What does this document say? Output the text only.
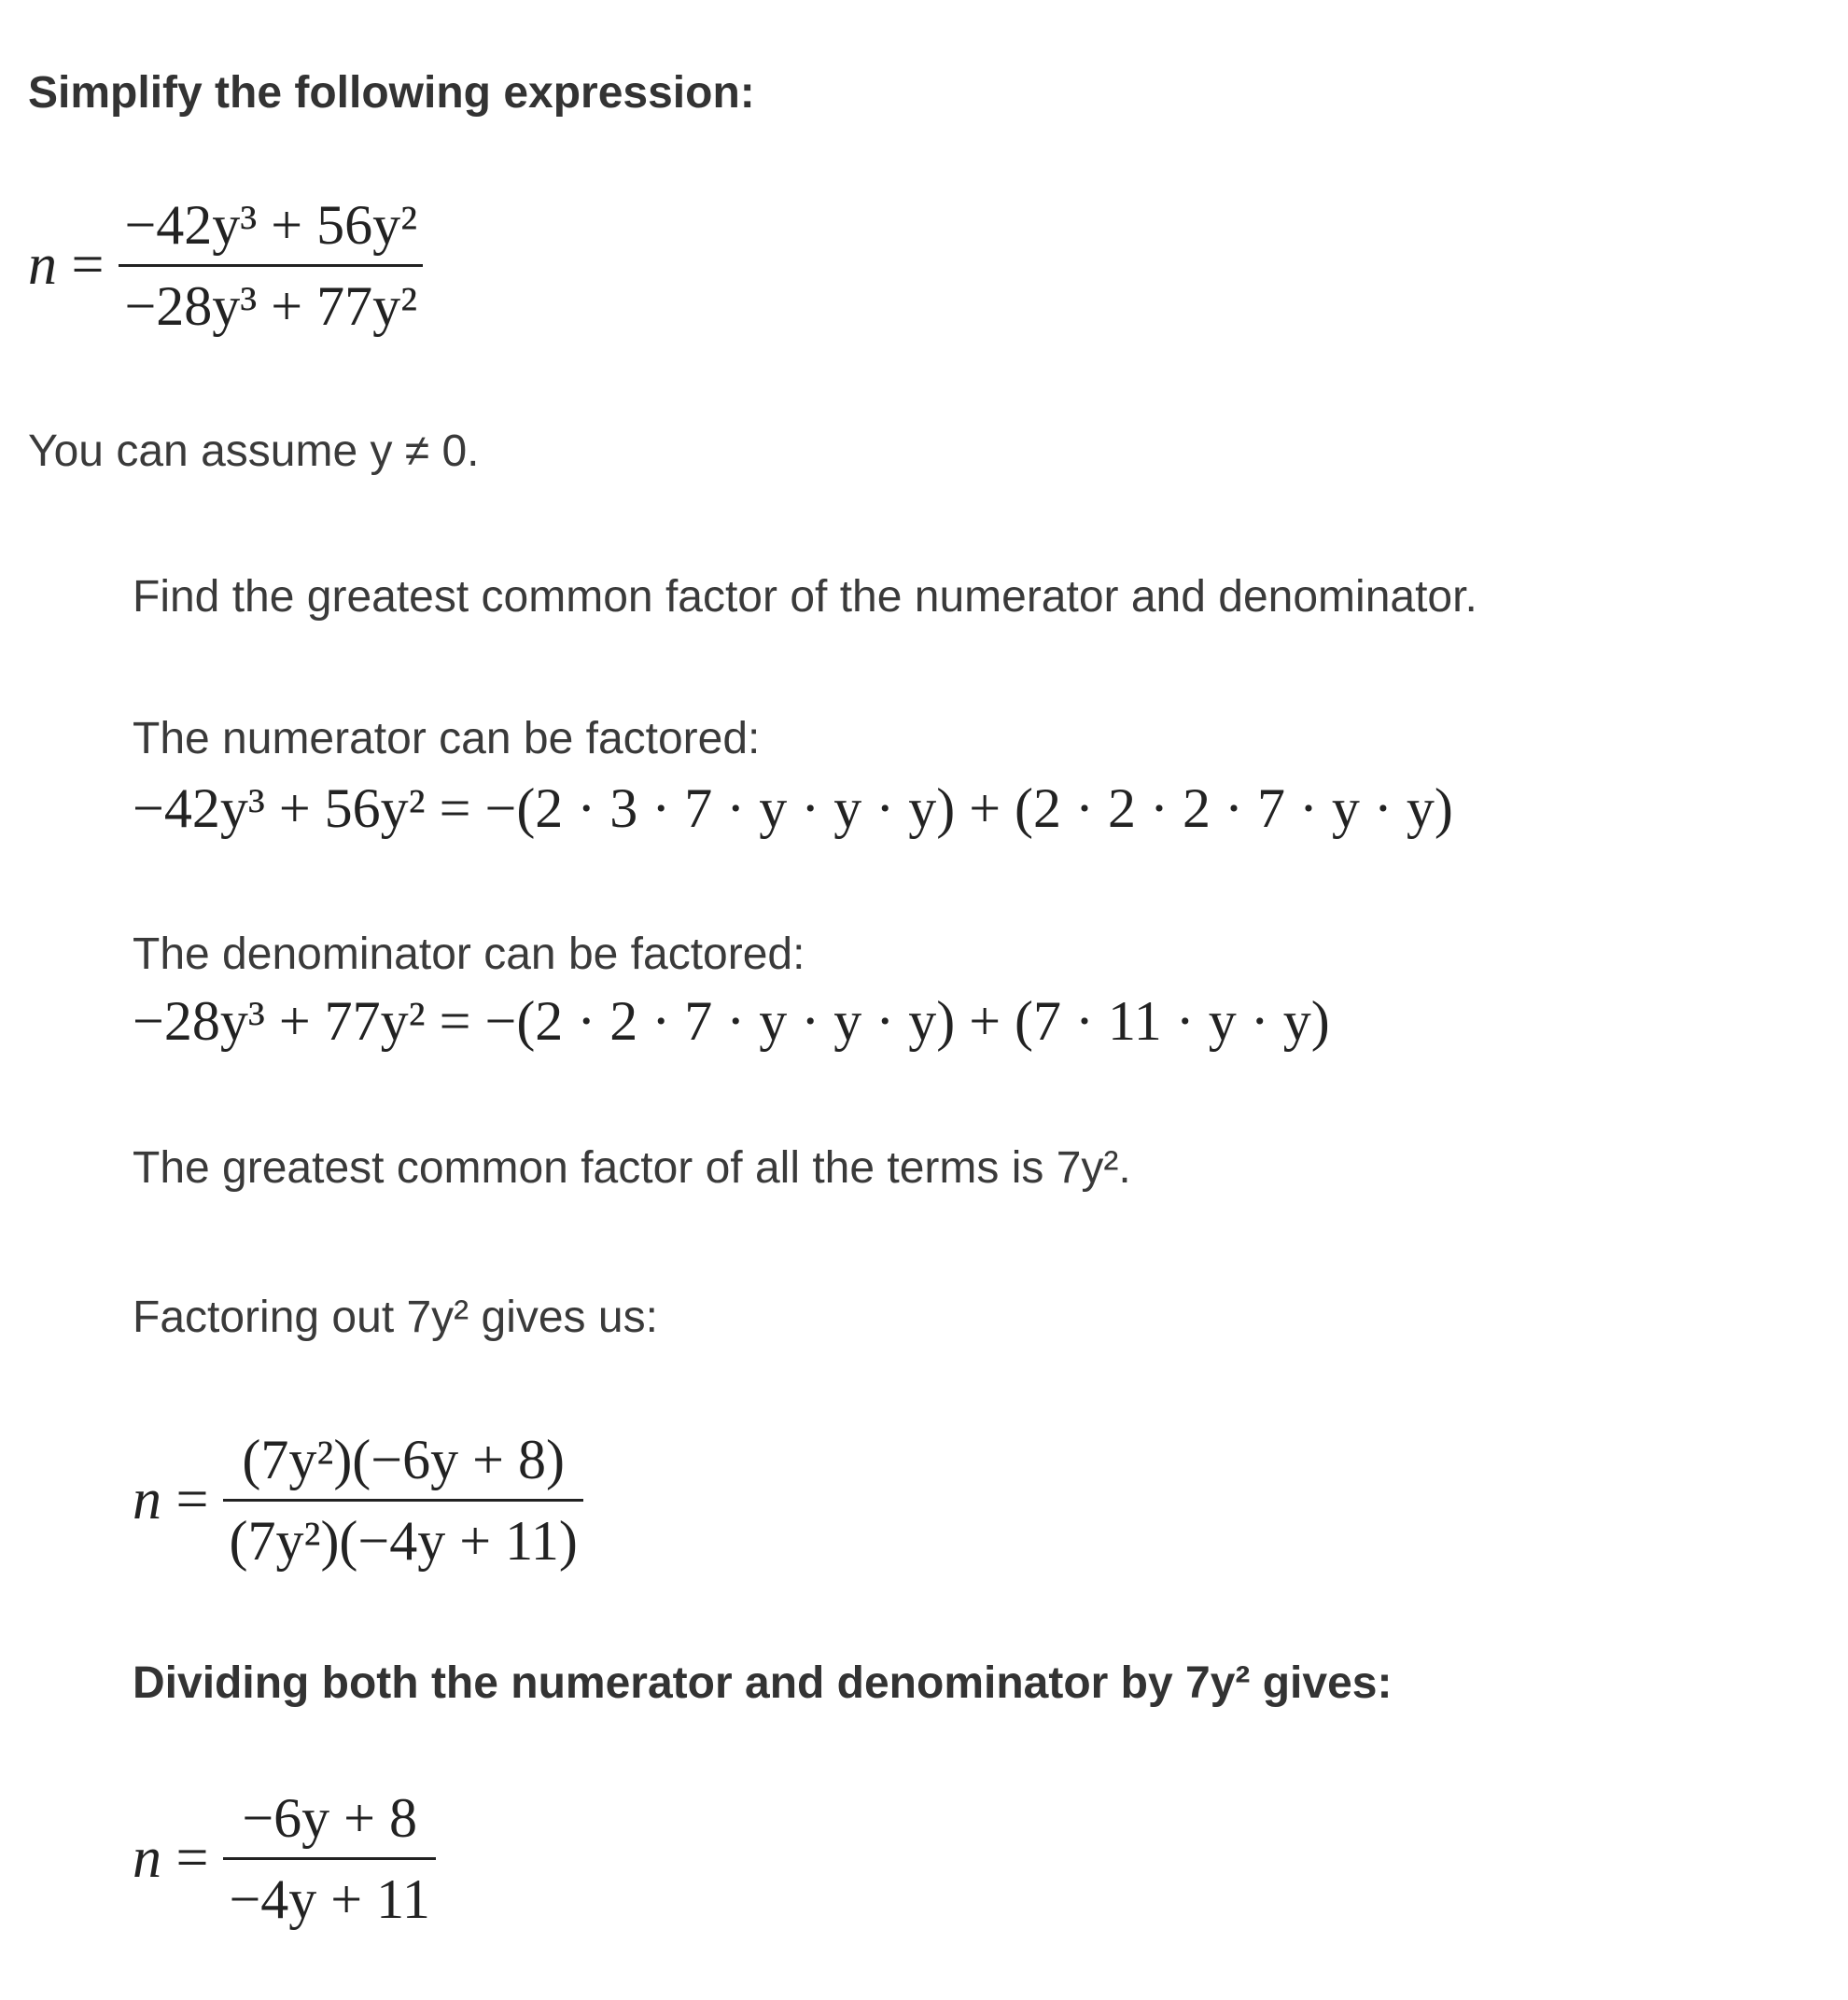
Simplify the following expression:
$n = \frac{\text{−42y³ + 56y²}}{\text{−28y³ + 77y²}}$
You can assume y ≠ 0.
Find the greatest common factor of the numerator and denominator.
The numerator can be factored:
−42y³ + 56y² = −(2 · 3 · 7 · y · y · y) + (2 · 2 · 2 · 7 · y · y)
The denominator can be factored:
−28y³ + 77y² = −(2 · 2 · 7 · y · y · y) + (7 · 11 · y · y)
The greatest common factor of all the terms is 7y².
Factoring out 7y² gives us:
$n = \frac{\text{(7y²)(−6y + 8)}}{\text{(7y²)(−4y + 11)}}$
Dividing both the numerator and denominator by 7y² gives:
$n = \frac{-6y + 8}{-4y + 11}$
